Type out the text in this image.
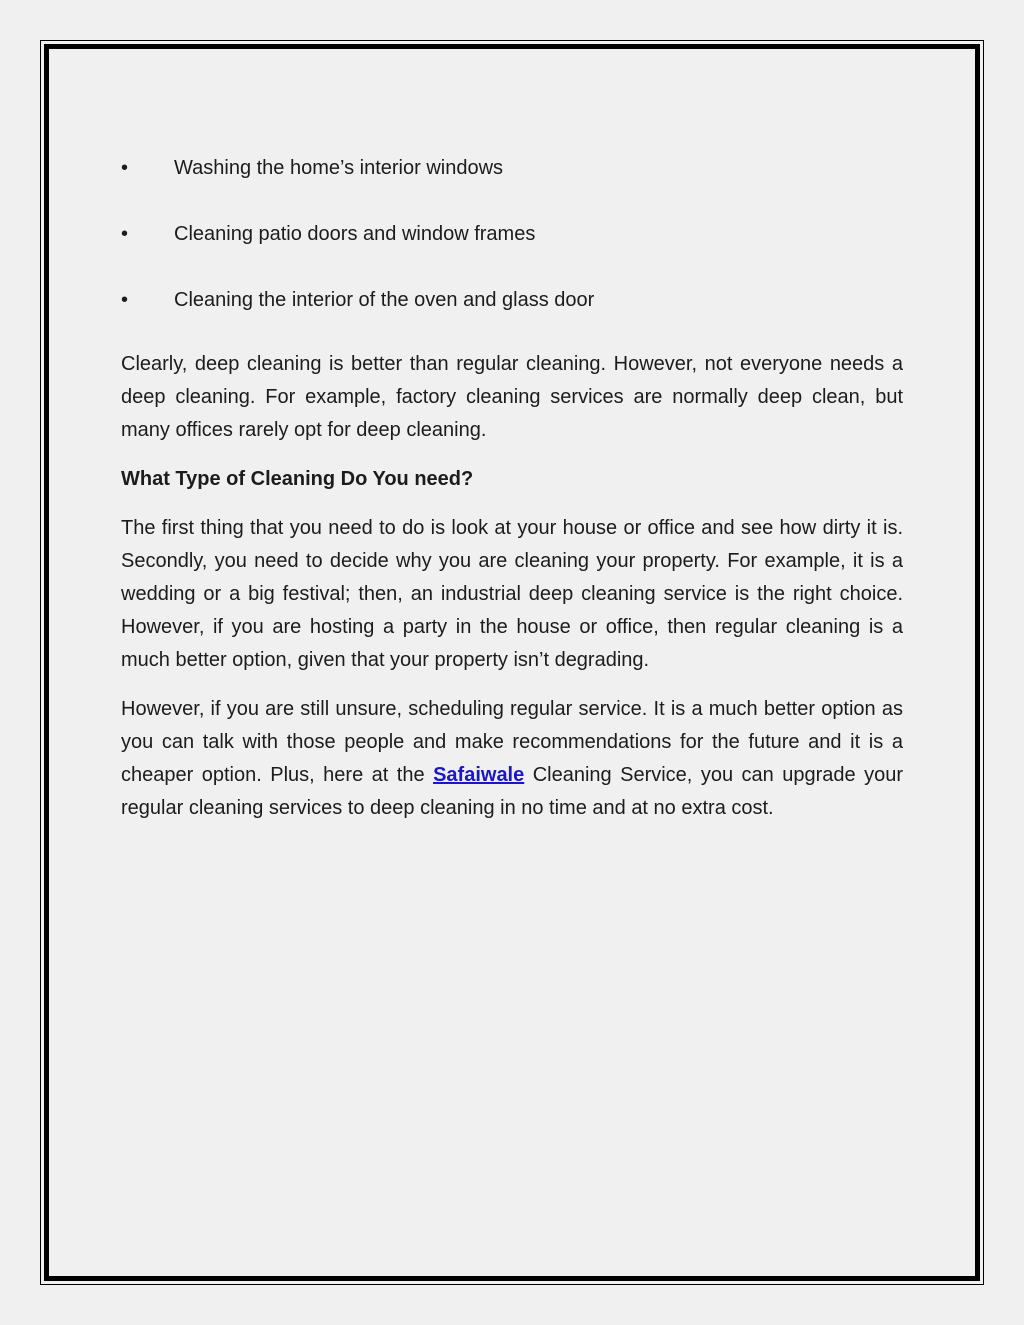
• Washing the home’s interior windows
• Cleaning patio doors and window frames
• Cleaning the interior of the oven and glass door

Clearly, deep cleaning is better than regular cleaning. However, not everyone needs a deep cleaning. For example, factory cleaning services are normally deep clean, but many offices rarely opt for deep cleaning.

What Type of Cleaning Do You need?

The first thing that you need to do is look at your house or office and see how dirty it is. Secondly, you need to decide why you are cleaning your property. For example, it is a wedding or a big festival; then, an industrial deep cleaning service is the right choice. However, if you are hosting a party in the house or office, then regular cleaning is a much better option, given that your property isn’t degrading.

However, if you are still unsure, scheduling regular service. It is a much better option as you can talk with those people and make recommendations for the future and it is a cheaper option. Plus, here at the Safaiwale Cleaning Service, you can upgrade your regular cleaning services to deep cleaning in no time and at no extra cost.
